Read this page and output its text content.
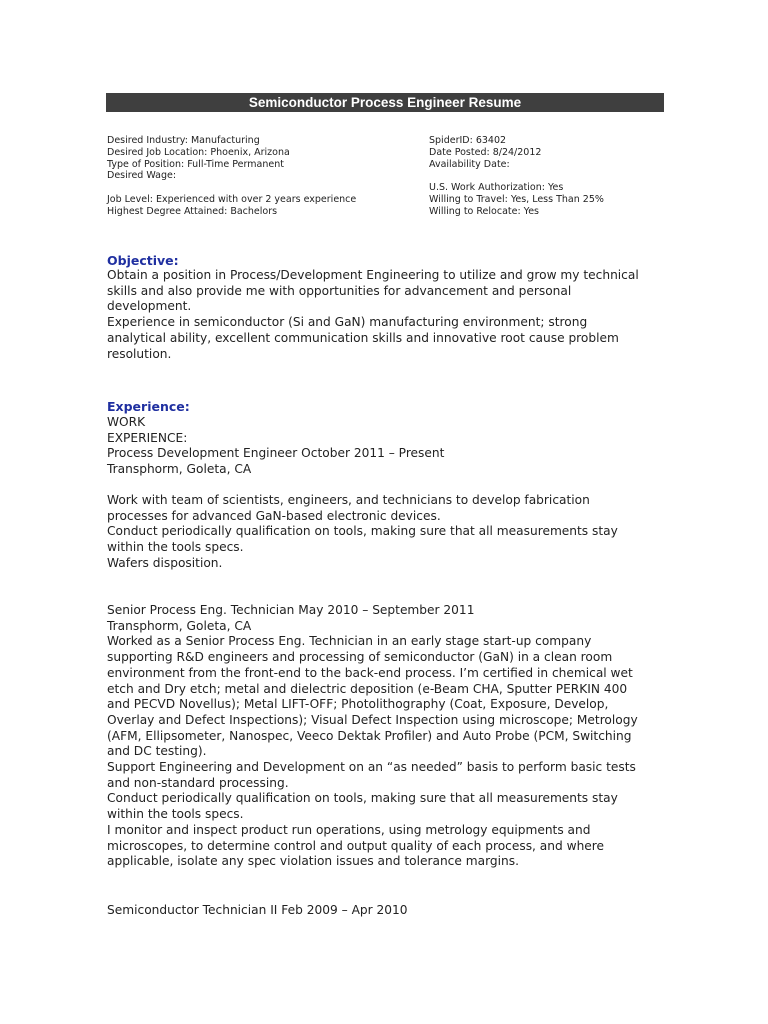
Semiconductor Process Engineer Resume
Desired Industry: Manufacturing
Desired Job Location: Phoenix, Arizona
Type of Position: Full-Time Permanent
Desired Wage:
Job Level: Experienced with over 2 years experience
Highest Degree Attained: Bachelors
SpiderID: 63402
Date Posted: 8/24/2012
Availability Date:
U.S. Work Authorization: Yes
Willing to Travel: Yes, Less Than 25%
Willing to Relocate: Yes
Objective:
Obtain a position in Process/Development Engineering to utilize and grow my technical
skills and also provide me with opportunities for advancement and personal
development.
Experience in semiconductor (Si and GaN) manufacturing environment; strong
analytical ability, excellent communication skills and innovative root cause problem
resolution.
Experience:
WORK
EXPERIENCE:
Process Development Engineer October 2011 – Present
Transphorm, Goleta, CA
Work with team of scientists, engineers, and technicians to develop fabrication
processes for advanced GaN-based electronic devices.
Conduct periodically qualification on tools, making sure that all measurements stay
within the tools specs.
Wafers disposition.
Senior Process Eng. Technician May 2010 – September 2011
Transphorm, Goleta, CA
Worked as a Senior Process Eng. Technician in an early stage start-up company
supporting R&D engineers and processing of semiconductor (GaN) in a clean room
environment from the front-end to the back-end process. I’m certified in chemical wet
etch and Dry etch; metal and dielectric deposition (e-Beam CHA, Sputter PERKIN 400
and PECVD Novellus); Metal LIFT-OFF; Photolithography (Coat, Exposure, Develop,
Overlay and Defect Inspections); Visual Defect Inspection using microscope; Metrology
(AFM, Ellipsometer, Nanospec, Veeco Dektak Profiler) and Auto Probe (PCM, Switching
and DC testing).
Support Engineering and Development on an “as needed” basis to perform basic tests
and non-standard processing.
Conduct periodically qualification on tools, making sure that all measurements stay
within the tools specs.
I monitor and inspect product run operations, using metrology equipments and
microscopes, to determine control and output quality of each process, and where
applicable, isolate any spec violation issues and tolerance margins.
Semiconductor Technician II Feb 2009 – Apr 2010
